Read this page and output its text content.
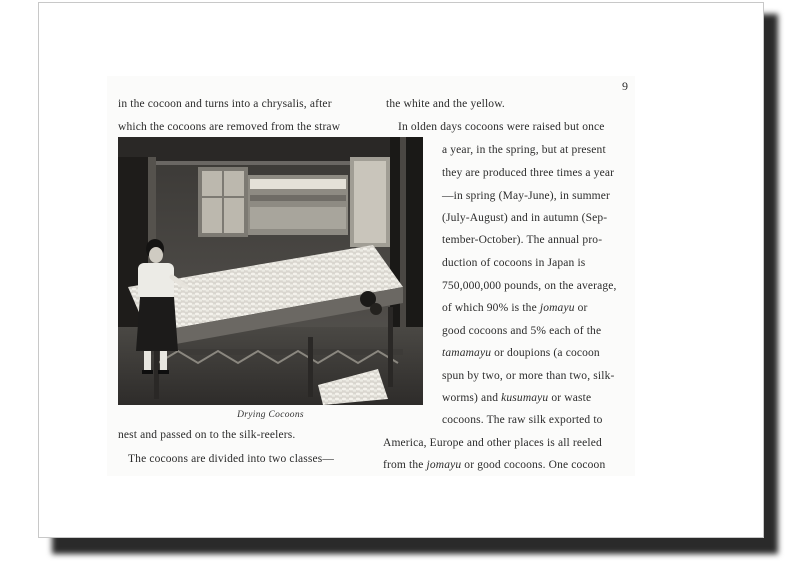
9
in the cocoon and turns into a chrysalis, after
which the cocoons are removed from the straw
Drying Cocoons
nest and passed on to the silk-reelers.
The cocoons are divided into two classes—
the white and the yellow.
In olden days cocoons were raised but once
a year, in the spring, but at present
they are produced three times a year
—in spring (May-June), in summer
(July-August) and in autumn (Sep-
tember-October). The annual pro-
duction of cocoons in Japan is
750,000,000 pounds, on the average,
of which 90% is the jomayu or
good cocoons and 5% each of the
tamamayu or doupions (a cocoon
spun by two, or more than two, silk-
worms) and kusumayu or waste
cocoons. The raw silk exported to
America, Europe and other places is all reeled
from the jomayu or good cocoons. One cocoon
